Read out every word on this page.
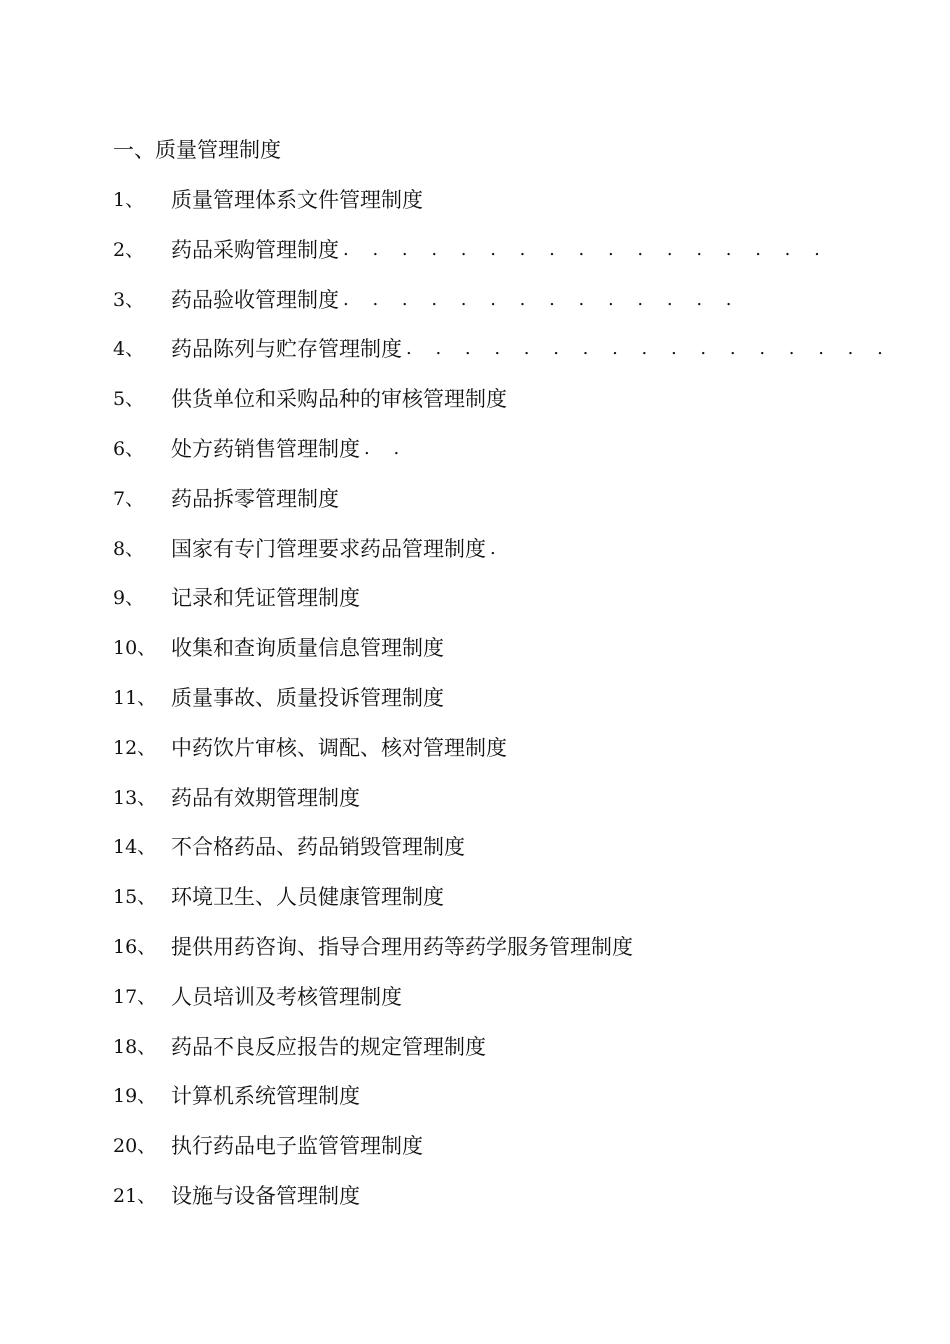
一、质量管理制度
1、	质量管理体系文件管理制度
2、	药品采购管理制度 . . . . . . . . . . . . . . . . .
3、	药品验收管理制度 . . . . . . . . . . . . . .
4、	药品陈列与贮存管理制度 . . . . . . . . . . . . . . . . .
5、	供货单位和采购品种的审核管理制度
6、	处方药销售管理制度 . .
7、	药品拆零管理制度
8、	国家有专门管理要求药品管理制度 .
9、	记录和凭证管理制度
10、 收集和查询质量信息管理制度
11、 质量事故、质量投诉管理制度
12、 中药饮片审核、调配、核对管理制度
13、 药品有效期管理制度
14、 不合格药品、药品销毁管理制度
15、 环境卫生、人员健康管理制度
16、 提供用药咨询、指导合理用药等药学服务管理制度
17、 人员培训及考核管理制度
18、 药品不良反应报告的规定管理制度
19、 计算机系统管理制度
20、 执行药品电子监管管理制度
21、 设施与设备管理制度
